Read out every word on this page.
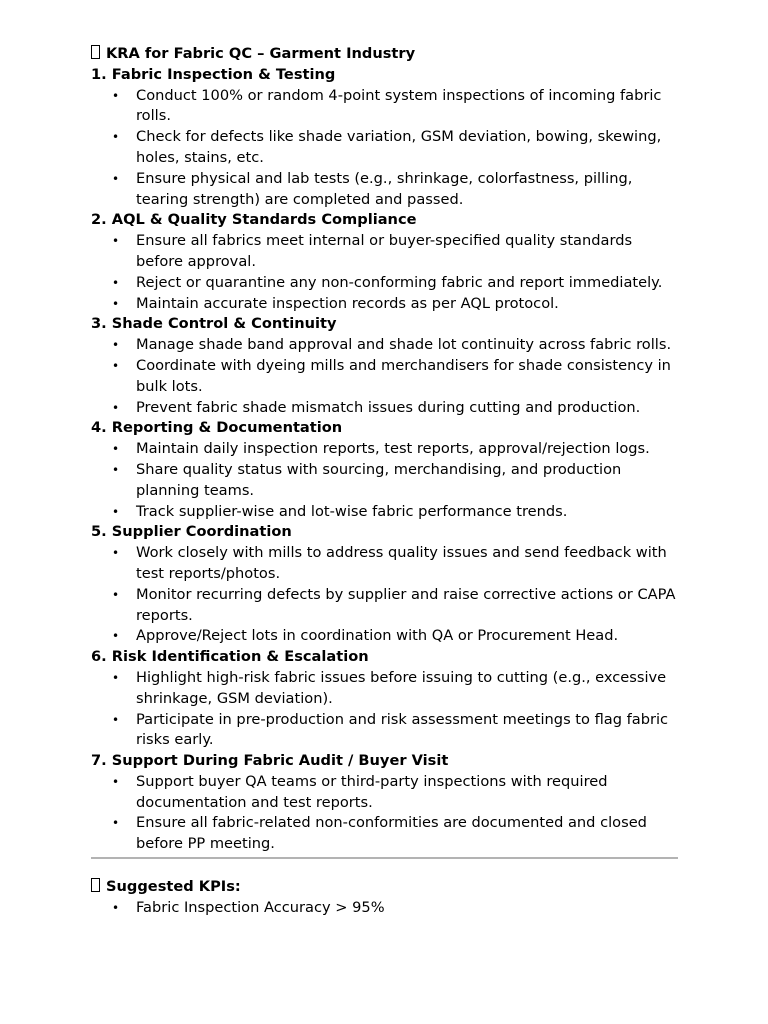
KRA for Fabric QC – Garment Industry
1. Fabric Inspection & Testing
• Conduct 100% or random 4-point system inspections of incoming fabric rolls.
• Check for defects like shade variation, GSM deviation, bowing, skewing, holes, stains, etc.
• Ensure physical and lab tests (e.g., shrinkage, colorfastness, pilling, tearing strength) are completed and passed.
2. AQL & Quality Standards Compliance
• Ensure all fabrics meet internal or buyer-specified quality standards before approval.
• Reject or quarantine any non-conforming fabric and report immediately.
• Maintain accurate inspection records as per AQL protocol.
3. Shade Control & Continuity
• Manage shade band approval and shade lot continuity across fabric rolls.
• Coordinate with dyeing mills and merchandisers for shade consistency in bulk lots.
• Prevent fabric shade mismatch issues during cutting and production.
4. Reporting & Documentation
• Maintain daily inspection reports, test reports, approval/rejection logs.
• Share quality status with sourcing, merchandising, and production planning teams.
• Track supplier-wise and lot-wise fabric performance trends.
5. Supplier Coordination
• Work closely with mills to address quality issues and send feedback with test reports/photos.
• Monitor recurring defects by supplier and raise corrective actions or CAPA reports.
• Approve/Reject lots in coordination with QA or Procurement Head.
6. Risk Identification & Escalation
• Highlight high-risk fabric issues before issuing to cutting (e.g., excessive shrinkage, GSM deviation).
• Participate in pre-production and risk assessment meetings to flag fabric risks early.
7. Support During Fabric Audit / Buyer Visit
• Support buyer QA teams or third-party inspections with required documentation and test reports.
• Ensure all fabric-related non-conformities are documented and closed before PP meeting.
Suggested KPIs:
• Fabric Inspection Accuracy > 95%
